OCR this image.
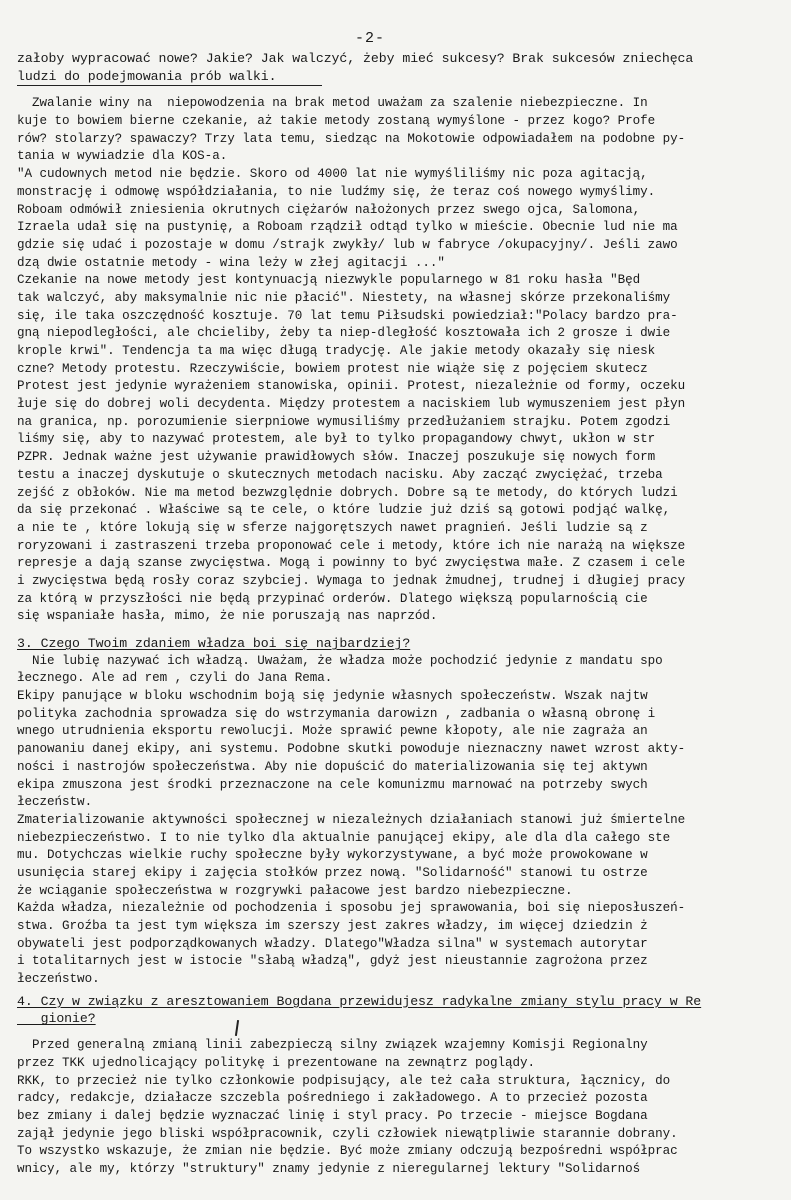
-2-
załoby wypracować nowe? Jakie? Jak walczyć, żeby mieć sukcesy? Brak sukcesów zniechęca
ludzi do podejmowania prób walki.
Zwalanie winy na  niepowodzenia na brak metod uważam za szalenie niebezpieczne. In
kuje to bowiem bierne czekanie, aż takie metody zostaną wymyślone - przez kogo? Profe
rów? stolarzy? spawaczy? Trzy lata temu, siedząc na Mokotowie odpowiadałem na podobne py-
tania w wywiadzie dla KOS-a.
"A cudownych metod nie będzie. Skoro od 4000 lat nie wymyśliliśmy nic poza agitacją,
monstrację i odmowę współdziałania, to nie ludźmy się, że teraz coś nowego wymyślimy.
Roboam odmówił zniesienia okrutnych ciężarów nałożonych przez swego ojca, Salomona,
Izraela udał się na pustynię, a Roboam rządził odtąd tylko w mieście. Obecnie lud nie ma
gdzie się udać i pozostaje w domu /strajk zwykły/ lub w fabryce /okupacyjny/. Jeśli zawo
dzą dwie ostatnie metody - wina leży w złej agitacji ..."
Czekanie na nowe metody jest kontynuacją niezwykle popularnego w 81 roku hasła "Będ
tak walczyć, aby maksymalnie nic nie płacić". Niestety, na własnej skórze przekonaliśmy
się, ile taka oszczędność kosztuje. 70 lat temu Piłsudski powiedział:"Polacy bardzo pra-
gną niepodległości, ale chcieliby, żeby ta niep-dległość kosztowała ich 2 grosze i dwie
krople krwi". Tendencja ta ma więc długą tradycję. Ale jakie metody okazały się niesk
czne? Metody protestu. Rzeczywiście, bowiem protest nie wiąże się z pojęciem skutecz
Protest jest jedynie wyrażeniem stanowiska, opinii. Protest, niezależnie od formy, oczeku
łuje się do dobrej woli decydenta. Między protestem a naciskiem lub wymuszeniem jest płyn
na granica, np. porozumienie sierpniowe wymusiliśmy przedłużaniem strajku. Potem zgodzi
liśmy się, aby to nazywać protestem, ale był to tylko propagandowy chwyt, ukłon w str
PZPR. Jednak ważne jest używanie prawidłowych słów. Inaczej poszukuje się nowych form
testu a inaczej dyskutuje o skutecznych metodach nacisku. Aby zacząć zwyciężać, trzeba
zejść z obłoków. Nie ma metod bezwzględnie dobrych. Dobre są te metody, do których ludzi
da się przekonać . Właściwe są te cele, o które ludzie już dziś są gotowi podjąć walkę,
a nie te , które lokują się w sferze najgorętszych nawet pragnień. Jeśli ludzie są z
roryzowani i zastraszeni trzeba proponować cele i metody, które ich nie narażą na większe
represje a dają szanse zwycięstwa. Mogą i powinny to być zwycięstwa małe. Z czasem i cele
i zwycięstwa będą rosły coraz szybciej. Wymaga to jednak żmudnej, trudnej i długiej pracy
za którą w przyszłości nie będą przypinać orderów. Dlatego większą popularnością cie
się wspaniałe hasła, mimo, że nie poruszają nas naprzód.
3. Czego Twoim zdaniem władza boi się najbardziej?
Nie lubię nazywać ich władzą. Uważam, że władza może pochodzić jedynie z mandatu spo
łecznego. Ale ad rem , czyli do Jana Rema.
Ekipy panujące w bloku wschodnim boją się jedynie własnych społeczeństw. Wszak najtw
polityka zachodnia sprowadza się do wstrzymania darowizn , zadbania o własną obronę i
wnego utrudnienia eksportu rewolucji. Może sprawić pewne kłopoty, ale nie zagraża an
panowaniu danej ekipy, ani systemu. Podobne skutki powoduje nieznaczny nawet wzrost akty-
ności i nastrojów społeczeństwa. Aby nie dopuścić do materializowania się tej aktywn
ekipa zmuszona jest środki przeznaczone na cele komunizmu marnować na potrzeby swych
łeczeństw.
Zmaterializowanie aktywności społecznej w niezależnych działaniach stanowi już śmiertelne
niebezpieczeństwo. I to nie tylko dla aktualnie panującej ekipy, ale dla dla całego ste
mu. Dotychczas wielkie ruchy społeczne były wykorzystywane, a być może prowokowane w
usunięcia starej ekipy i zajęcia stołków przez nową. "Solidarność" stanowi tu ostrze
że wciąganie społeczeństwa w rozgrywki pałacowe jest bardzo niebezpieczne.
Każda władza, niezależnie od pochodzenia i sposobu jej sprawowania, boi się nieposłuszeń-
stwa. Groźba ta jest tym większa im szerszy jest zakres władzy, im więcej dziedzin ż
obywateli jest podporządkowanych władzy. Dlatego"Władza silna" w systemach autorytar
i totalitarnych jest w istocie "słabą władzą", gdyż jest nieustannie zagrożona przez
łeczeństwo.
4. Czy w związku z aresztowaniem Bogdana przewidujesz radykalne zmiany stylu pracy w Re
gionie?
Przed generalną zmianą linii zabezpieczą silny związek wzajemny Komisji Regionalny
przez TKK ujednolicający politykę i prezentowane na zewnątrz poglądy.
RKK, to przecież nie tylko członkowie podpisujący, ale też cała struktura, łącznicy, do
radcy, redakcje, działacze szczebla pośredniego i zakładowego. A to przecież pozosta
bez zmiany i dalej będzie wyznaczać linię i styl pracy. Po trzecie - miejsce Bogdana
zajął jedynie jego bliski współpracownik, czyli człowiek niewątpliwie starannie dobrany.
To wszystko wskazuje, że zmian nie będzie. Być może zmiany odczują bezpośredni współprac
wnicy, ale my, którzy "struktury" znamy jedynie z nieregularnej lektury "Solidarnoś
